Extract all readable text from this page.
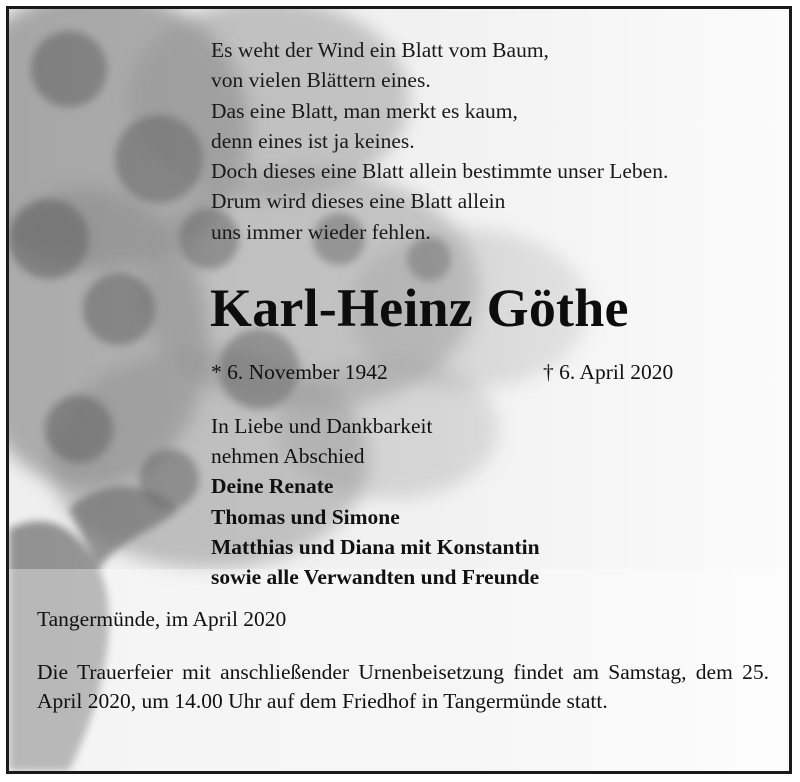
Es weht der Wind ein Blatt vom Baum,
von vielen Blättern eines.
Das eine Blatt, man merkt es kaum,
denn eines ist ja keines.
Doch dieses eine Blatt allein bestimmte unser Leben.
Drum wird dieses eine Blatt allein
uns immer wieder fehlen.
Karl-Heinz Göthe
* 6. November 1942	† 6. April 2020
In Liebe und Dankbarkeit
nehmen Abschied
Deine Renate
Thomas und Simone
Matthias und Diana mit Konstantin
sowie alle Verwandten und Freunde
Tangermünde, im April 2020

Die Trauerfeier mit anschließender Urnenbeisetzung findet am Samstag, dem 25. April 2020, um 14.00 Uhr auf dem Friedhof in Tangermünde statt.
